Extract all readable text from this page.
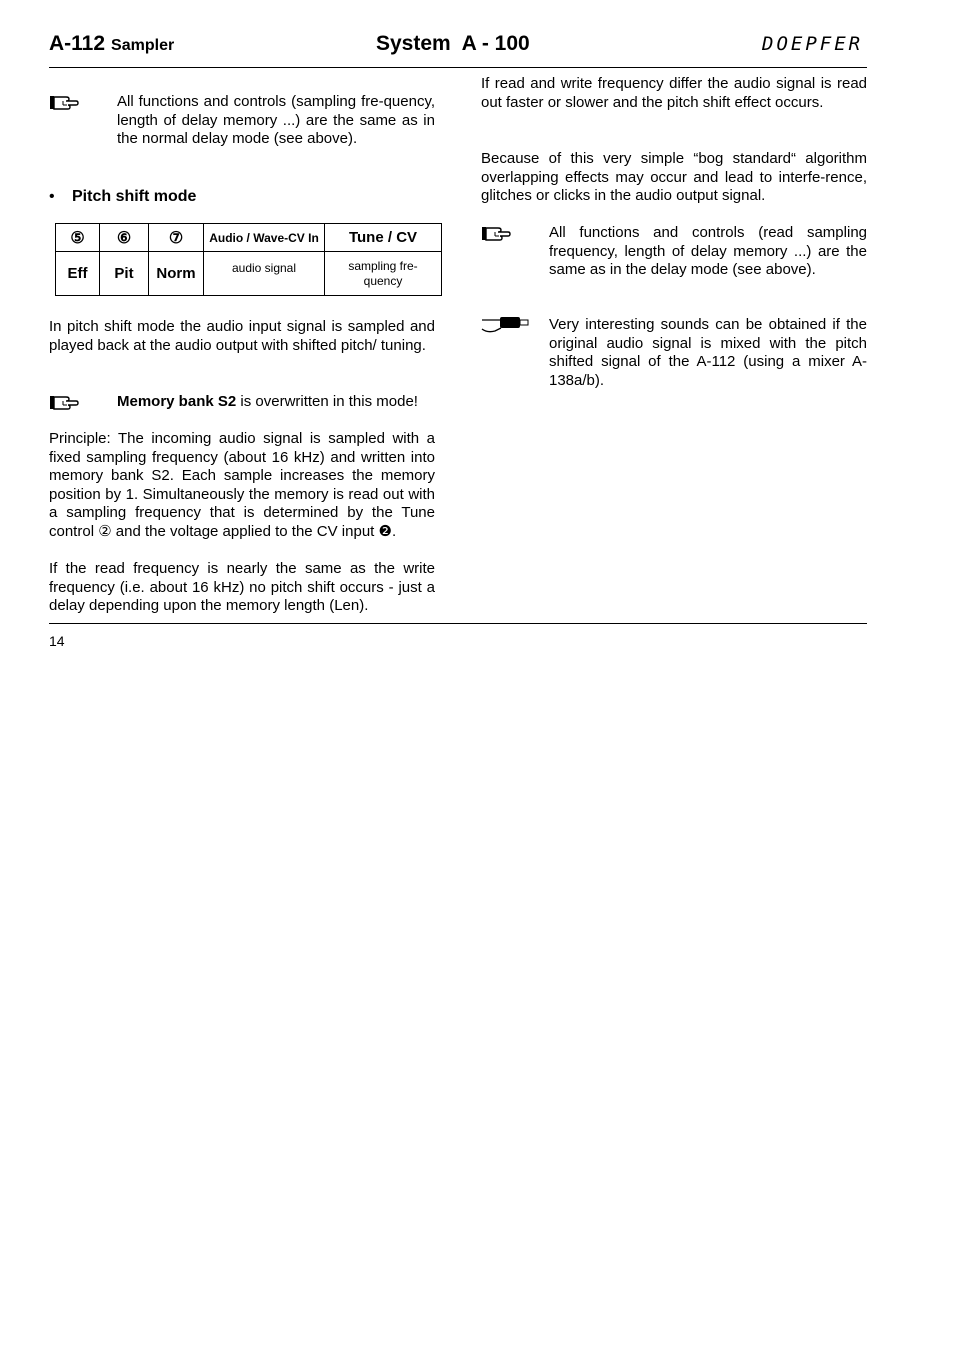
A-112 Sampler	System  A - 100	DOEPFER
All functions and controls (sampling fre-quency, length of delay memory ...) are the same as in the normal delay mode (see above).
• Pitch shift mode
⑤	⑥	⑦	Audio / Wave-CV In	Tune / CV
Eff	Pit	Norm	audio signal	sampling fre-quency

In pitch shift mode the audio input signal is sampled and played back at the audio output with shifted pitch/ tuning.

Memory bank S2 is overwritten in this mode!

Principle: The incoming audio signal is sampled with a fixed sampling frequency (about 16 kHz) and written into memory bank S2. Each sample increases the memory position by 1. Simultaneously the memory is read out with a sampling frequency that is determined by the Tune control ② and the voltage applied to the CV input ❷.

If the read frequency is nearly the same as the write frequency (i.e. about 16 kHz) no pitch shift occurs - just a delay depending upon the memory length (Len).

If read and write frequency differ the audio signal is read out faster or slower and the pitch shift effect occurs.

Because of this very simple “bog standard“ algorithm overlapping effects may occur and lead to interfe-rence, glitches or clicks in the audio output signal.

All functions and controls (read sampling frequency, length of delay memory ...) are the same as in the delay mode (see above).
Very interesting sounds can be obtained if the original audio signal is mixed with the pitch shifted signal of the A-112 (using a mixer A-138a/b).
14
